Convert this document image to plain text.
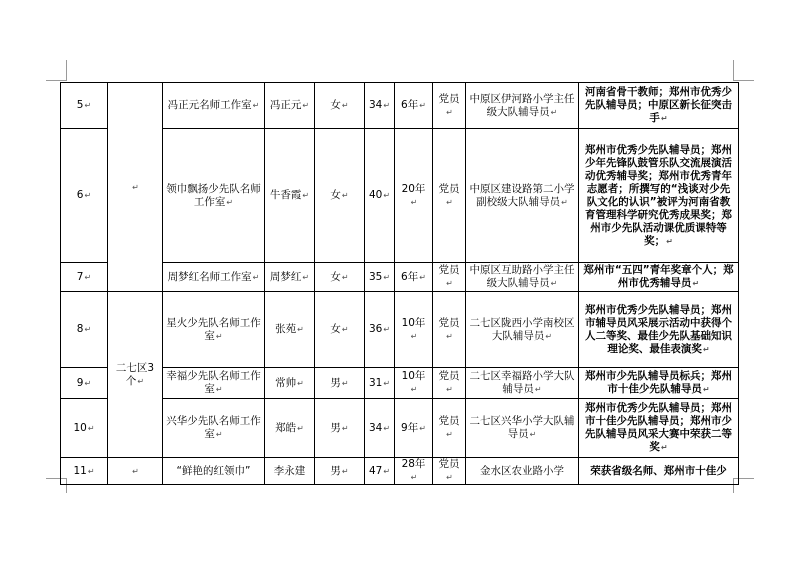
5↵	↵	冯正元名师工作室↵	冯正元↵	女↵	34↵	6年↵	党员↵	中原区伊河路小学主任级大队辅导员↵	河南省骨干教师；郑州市优秀少先队辅导员；中原区新长征突击手↵
6↵		领巾飘扬少先队名师工作室↵	牛香霞↵	女↵	40↵	20年↵	党员↵	中原区建设路第二小学副校级大队辅导员↵	郑州市优秀少先队辅导员；郑州少年先锋队鼓管乐队交流展演活动优秀辅导奖；郑州市优秀青年志愿者；所撰写的“浅谈对少先队文化的认识”被评为河南省教育管理科学研究优秀成果奖；郑州市少先队活动课优质课特等奖；↵
7↵		周梦红名师工作室↵	周梦红↵	女↵	35↵	6年↵	党员↵	中原区互助路小学主任级大队辅导员↵	郑州市“五四”青年奖章个人；郑州市优秀辅导员↵
8↵	二七区3个↵	星火少先队名师工作室↵	张苑↵	女↵	36↵	10年↵	党员↵	二七区陇西小学南校区大队辅导员↵	郑州市优秀少先队辅导员；郑州市辅导员风采展示活动中获得个人二等奖、最佳少先队基础知识理论奖、最佳表演奖↵
9↵		幸福少先队名师工作室↵	常帅↵	男↵	31↵	10年↵	党员↵	二七区幸福路小学大队辅导员↵	郑州市少先队辅导员标兵；郑州市十佳少先队辅导员↵
10↵		兴华少先队名师工作室↵	郑皓↵	男↵	34↵	9年↵	党员↵	二七区兴华小学大队辅导员↵	郑州市优秀少先队辅导员；郑州市十佳少先队辅导员；郑州市少先队辅导员风采大赛中荣获二等奖↵
11↵	↵	“鲜艳的红领巾”	李永建	男↵	47↵	28年↵	党员↵	金水区农业路小学	荣获省级名师、郑州市十佳少
